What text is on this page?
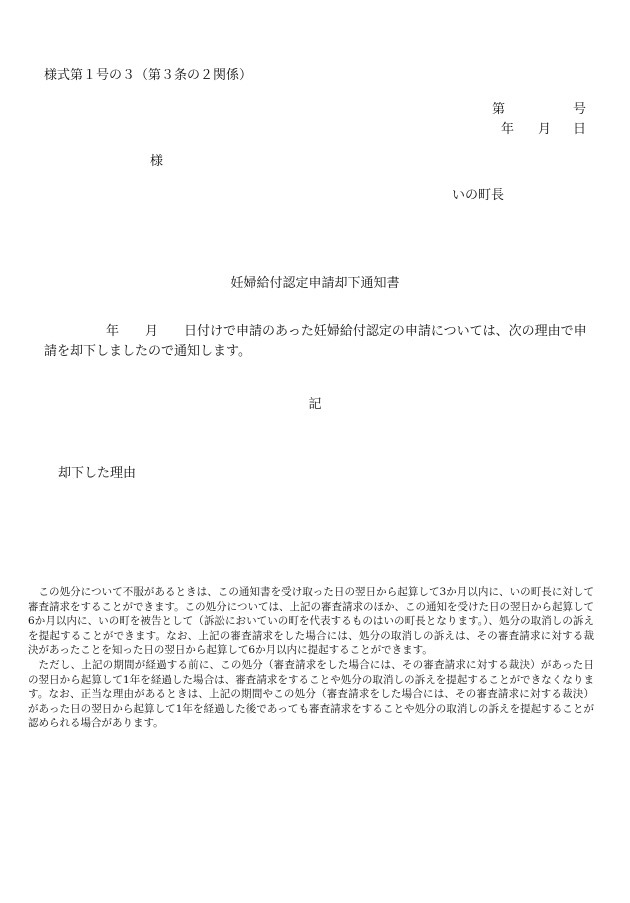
様式第１号の３（第３条の２関係）
第	号
年 月 日
様
いの町長
妊婦給付認定申請却下通知書
年 月 日付けで申請のあった妊婦給付認定の申請については、次の理由で申請を却下しましたので通知します。
記
却下した理由

この処分について不服があるときは、この通知書を受け取った日の翌日から起算して3か月以内に、いの町長に対して審査請求をすることができます。この処分については、上記の審査請求のほか、この通知を受けた日の翌日から起算して6か月以内に、いの町を被告として（訴訟においていの町を代表するものはいの町長となります。）、処分の取消しの訴えを提起することができます。なお、上記の審査請求をした場合には、処分の取消しの訴えは、その審査請求に対する裁決があったことを知った日の翌日から起算して6か月以内に提起することができます。

ただし、上記の期間が経過する前に、この処分（審査請求をした場合には、その審査請求に対する裁決）があった日の翌日から起算して1年を経過した場合は、審査請求をすることや処分の取消しの訴えを提起することができなくなります。なお、正当な理由があるときは、上記の期間やこの処分（審査請求をした場合には、その審査請求に対する裁決）があった日の翌日から起算して1年を経過した後であっても審査請求をすることや処分の取消しの訴えを提起することが認められる場合があります。
